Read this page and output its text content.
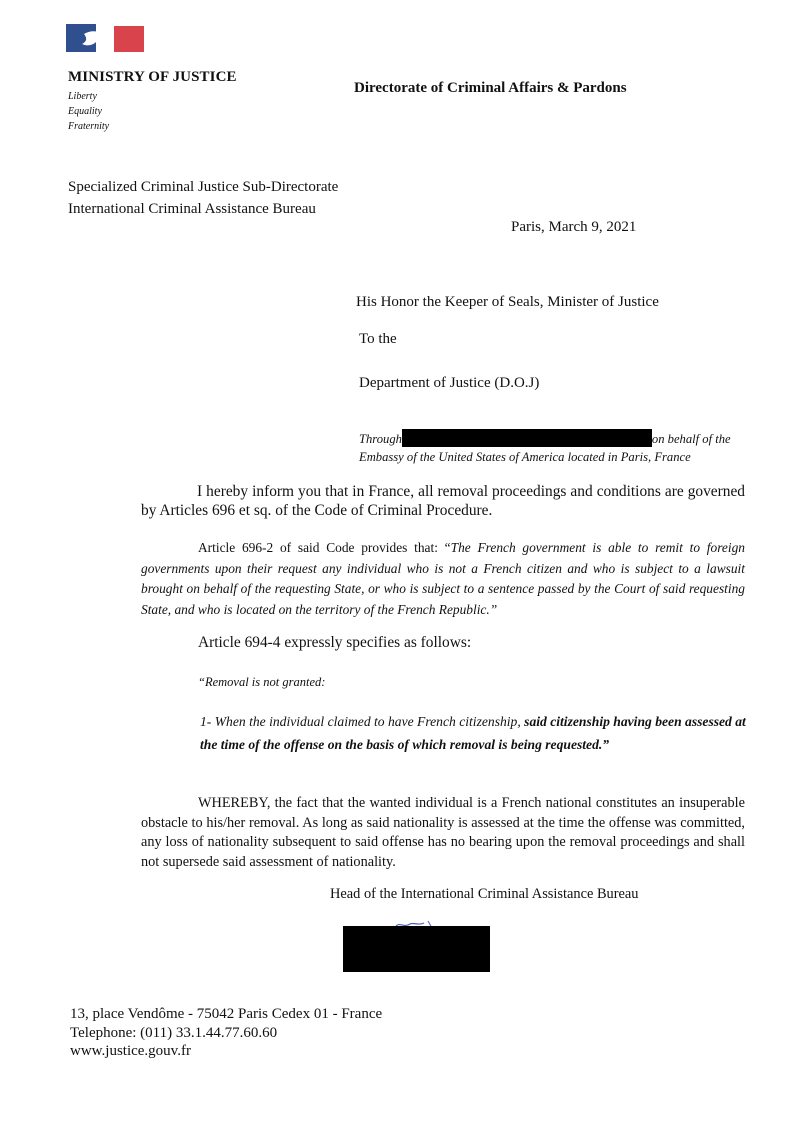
MINISTRY OF JUSTICE
Liberty
Equality
Fraternity
Directorate of Criminal Affairs & Pardons
Specialized Criminal Justice Sub-Directorate
International Criminal Assistance Bureau
Paris, March 9, 2021
His Honor the Keeper of Seals, Minister of Justice
To the
Department of Justice (D.O.J)
Through	on behalf of the Embassy of the United States of America located in Paris, France
I hereby inform you that in France, all removal proceedings and conditions are governed by Articles 696 et sq. of the Code of Criminal Procedure.
Article 696-2 of said Code provides that: “The French government is able to remit to foreign governments upon their request any individual who is not a French citizen and who is subject to a lawsuit brought on behalf of the requesting State, or who is subject to a sentence passed by the Court of said requesting State, and who is located on the territory of the French Republic.”
Article 694-4 expressly specifies as follows:
“Removal is not granted:
1- When the individual claimed to have French citizenship, said citizenship having been assessed at the time of the offense on the basis of which removal is being requested.”
WHEREBY, the fact that the wanted individual is a French national constitutes an insuperable obstacle to his/her removal. As long as said nationality is assessed at the time the offense was committed, any loss of nationality subsequent to said offense has no bearing upon the removal proceedings and shall not supersede said assessment of nationality.
Head of the International Criminal Assistance Bureau
13, place Vendôme - 75042 Paris Cedex 01 - France
Telephone: (011) 33.1.44.77.60.60
www.justice.gouv.fr
